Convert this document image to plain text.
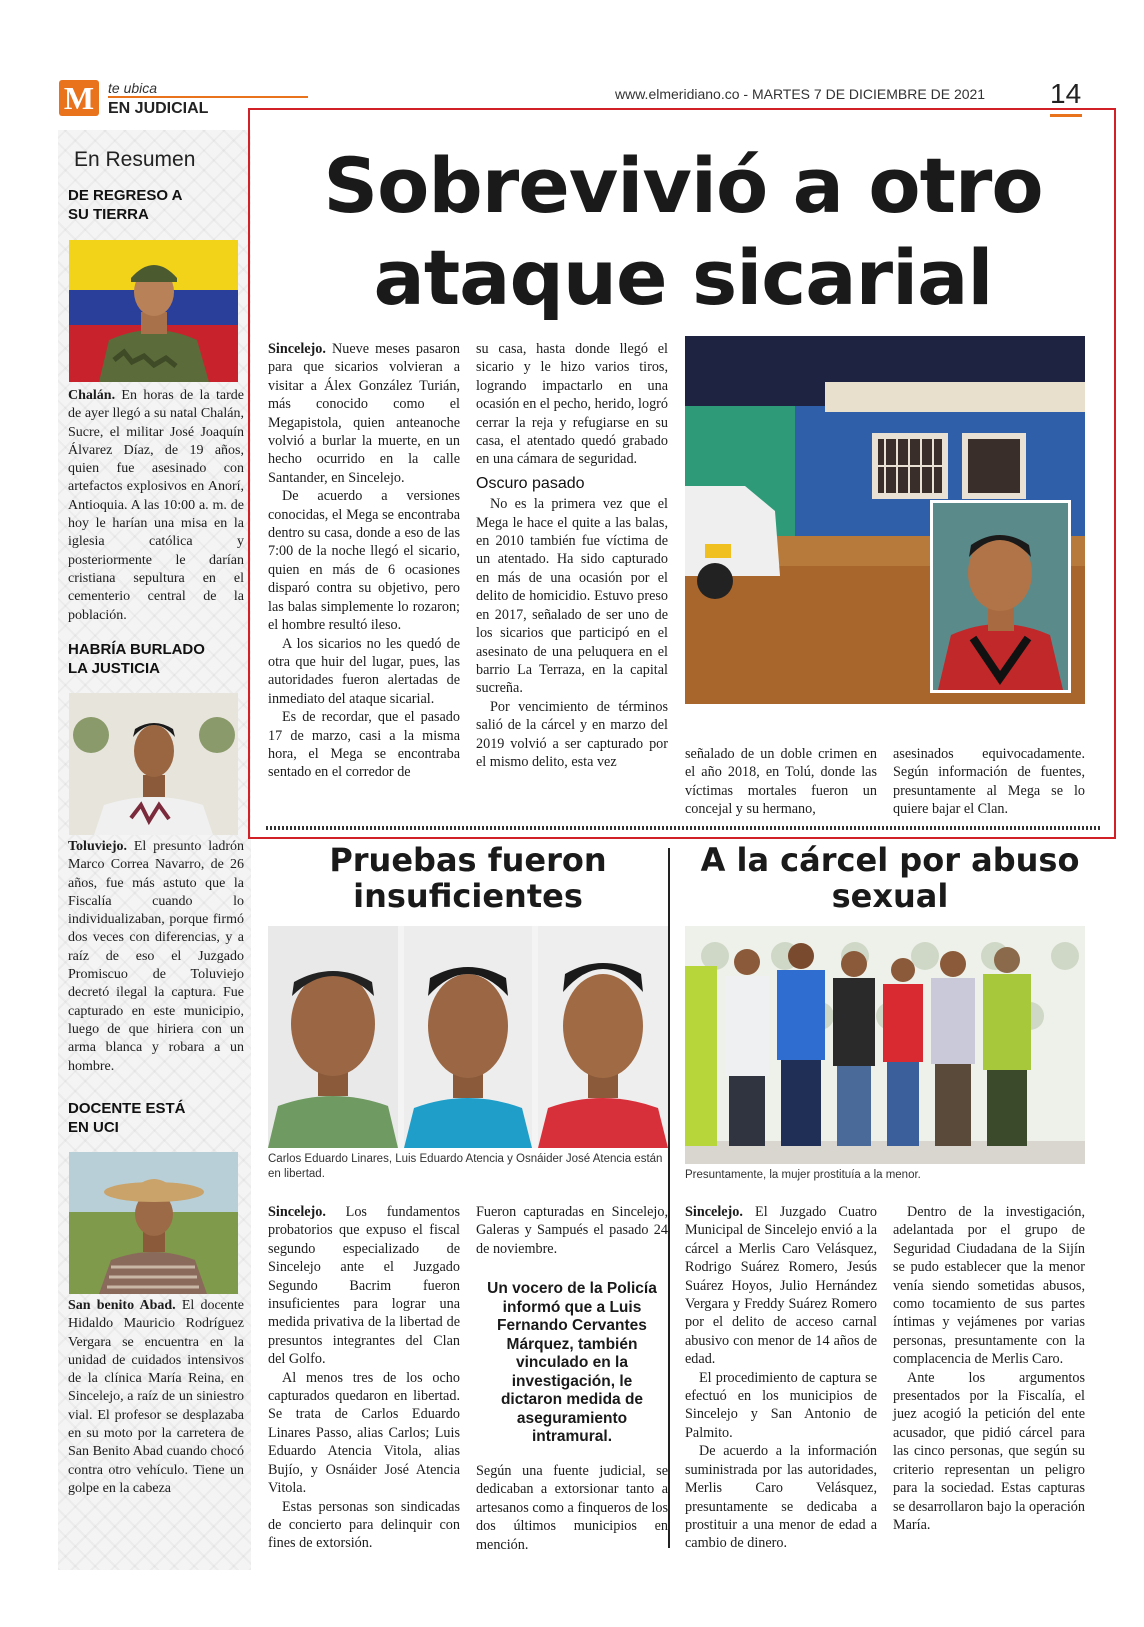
M te ubica
EN JUDICIAL
www.elmeridiano.co - MARTES 7 DE DICIEMBRE DE 2021 14
En Resumen
DE REGRESO A SU TIERRA
Chalán. En horas de la tarde de ayer llegó a su natal Chalán, Sucre, el militar José Joaquín Álvarez Díaz, de 19 años, quien fue asesinado con artefactos explosivos en Anorí, Antioquia. A las 10:00 a. m. de hoy le harían una misa en la iglesia católica y posteriormente le darían cristiana sepultura en el cementerio central de la población.
HABRÍA BURLADO LA JUSTICIA
Toluviejo. El presunto ladrón Marco Correa Navarro, de 26 años, fue más astuto que la Fiscalía cuando lo individualizaban, porque firmó dos veces con diferencias, y a raíz de eso el Juzgado Promiscuo de Toluviejo decretó ilegal la captura. Fue capturado en este municipio, luego de que hiriera con un arma blanca y robara a un hombre.
DOCENTE ESTÁ EN UCI
San benito Abad. El docente Hidaldo Mauricio Rodríguez Vergara se encuentra en la unidad de cuidados intensivos de la clínica María Reina, en Sincelejo, a raíz de un siniestro vial. El profesor se desplazaba en su moto por la carretera de San Benito Abad cuando chocó contra otro vehículo. Tiene un golpe en la cabeza
Sobrevivió a otro ataque sicarial

Sincelejo. Nueve meses pasaron para que sicarios volvieran a visitar a Álex González Turián, más conocido como el Megapistola, quien anteanoche volvió a burlar la muerte, en un hecho ocurrido en la calle Santander, en Sincelejo.

De acuerdo a versiones conocidas, el Mega se encontraba dentro su casa, donde a eso de las 7:00 de la noche llegó el sicario, quien en más de 6 ocasiones disparó contra su objetivo, pero las balas simplemente lo rozaron; el hombre resultó ileso.

A los sicarios no les quedó de otra que huir del lugar, pues, las autoridades fueron alertadas de inmediato del ataque sicarial.

Es de recordar, que el pasado 17 de marzo, casi a la misma hora, el Mega se encontraba sentado en el corredor de

su casa, hasta donde llegó el sicario y le hizo varios tiros, logrando impactarlo en una ocasión en el pecho, herido, logró cerrar la reja y refugiarse en su casa, el atentado quedó grabado en una cámara de seguridad.

Oscuro pasado

No es la primera vez que el Mega le hace el quite a las balas, en 2010 también fue víctima de un atentado. Ha sido capturado en más de una ocasión por el delito de homicidio. Estuvo preso en 2017, señalado de ser uno de los sicarios que participó en el asesinato de una peluquera en el barrio La Terraza, en la capital sucreña.

Por vencimiento de términos salió de la cárcel y en marzo del 2019 volvió a ser capturado por el mismo delito, esta vez	señalado de un doble crimen en el año 2018, en Tolú, donde las víctimas mortales fueron un concejal y su hermano,

asesinados equivocadamente. Según información de fuentes, presuntamente al Mega se lo quiere bajar el Clan.

Pruebas fueron insuficientes
Carlos Eduardo Linares, Luis Eduardo Atencia y Osnáider José Atencia están en libertad.

Sincelejo. Los fundamentos probatorios que expuso el fiscal segundo especializado de Sincelejo ante el Juzgado Segundo Bacrim fueron insuficientes para lograr una medida privativa de la libertad de presuntos integrantes del Clan del Golfo.

Al menos tres de los ocho capturados quedaron en libertad. Se trata de Carlos Eduardo Linares Passo, alias Carlos; Luis Eduardo Atencia Vitola, alias Bujío, y Osnáider José Atencia Vitola.

Estas personas son sindicadas de concierto para delinquir con fines de extorsión.

Fueron capturadas en Sincelejo, Galeras y Sampués el pasado 24 de noviembre.

Un vocero de la Policía informó que a Luis Fernando Cervantes Márquez, también vinculado en la investigación, le dictaron medida de aseguramiento intramural.

Según una fuente judicial, se dedicaban a extorsionar tanto a artesanos como a finqueros de los dos últimos municipios en mención.

A la cárcel por abuso sexual
Presuntamente, la mujer prostituía a la menor.

Sincelejo. El Juzgado Cuatro Municipal de Sincelejo envió a la cárcel a Merlis Caro Velásquez, Rodrigo Suárez Romero, Jesús Suárez Hoyos, Julio Hernández Vergara y Freddy Suárez Romero por el delito de acceso carnal abusivo con menor de 14 años de edad.

El procedimiento de captura se efectuó en los municipios de Sincelejo y San Antonio de Palmito.

De acuerdo a la información suministrada por las autoridades, Merlis Caro Velásquez, presuntamente se dedicaba a prostituir a una menor de edad a cambio de dinero.

Dentro de la investigación, adelantada por el grupo de Seguridad Ciudadana de la Sijín se pudo establecer que la menor venía siendo sometidas abusos, como tocamiento de sus partes íntimas y vejámenes por varias personas, presuntamente con la complacencia de Merlis Caro.

Ante los argumentos presentados por la Fiscalía, el juez acogió la petición del ente acusador, que pidió cárcel para las cinco personas, que según su criterio representan un peligro para la sociedad. Estas capturas se desarrollaron bajo la operación María.
